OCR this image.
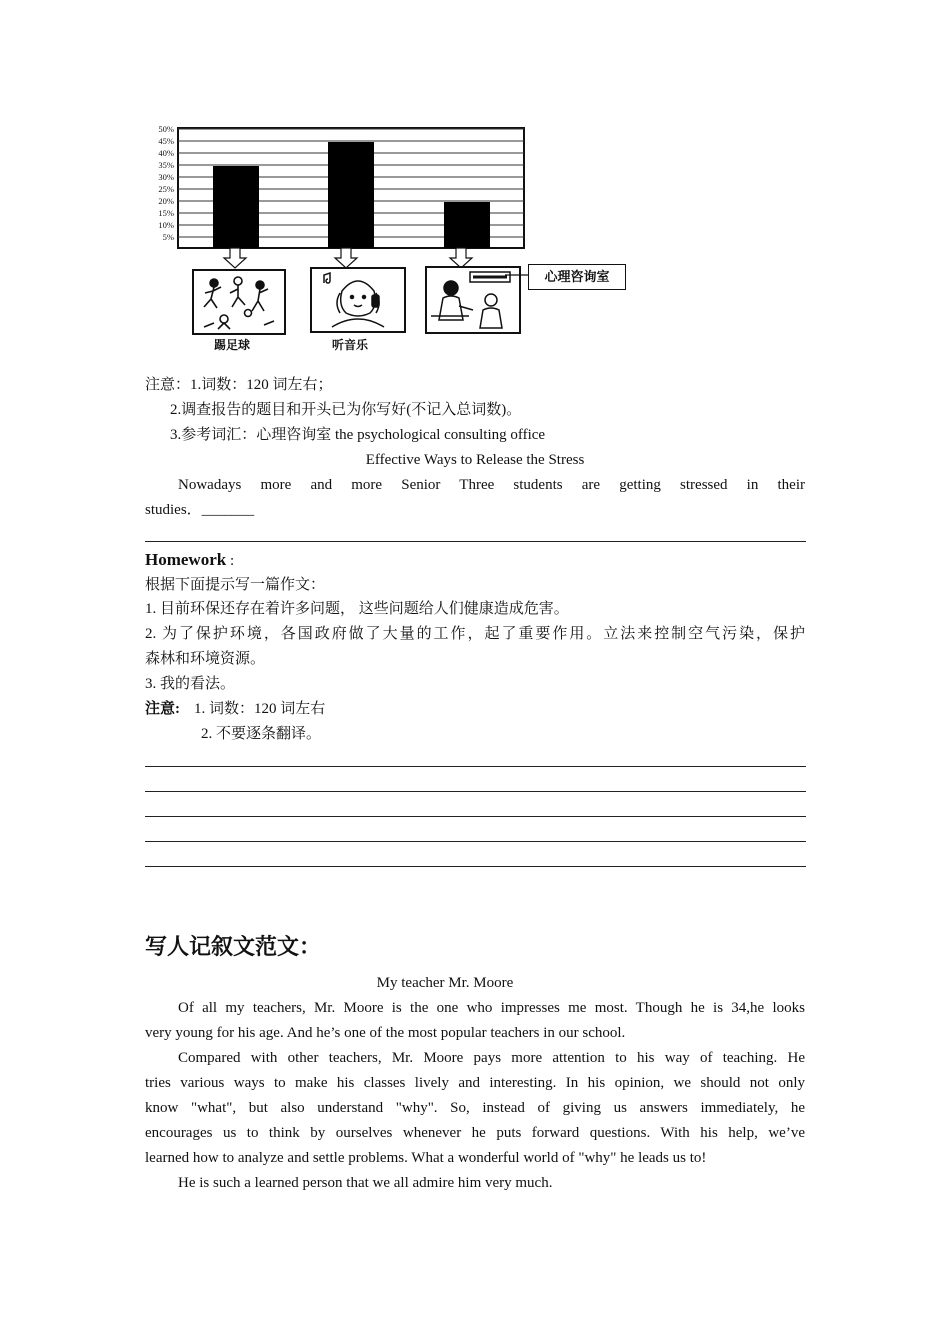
5%
10%
15%
20%
25%
30%
35%
40%
45%
50%
心理咨询室
踢足球	听音乐
注意：1.词数：120 词左右；
2.调查报告的题目和开头已为你写好(不记入总词数)。
3.参考词汇：心理咨询室 the psychological consulting office
Effective Ways to Release the Stress
Nowadays more and more Senior Three students are getting stressed in their
studies．_______
Homework :
根据下面提示写一篇作文：
1. 目前环保还存在着许多问题， 这些问题给人们健康造成危害。
2. 为了保护环境，各国政府做了大量的工作，起了重要作用。立法来控制空气污染，保护
森林和环境资源。
3. 我的看法。
注意: 1. 词数：120 词左右
2. 不要逐条翻译。
写人记叙文范文：
My teacher Mr. Moore
Of all my teachers, Mr. Moore is the one who impresses me most. Though he is 34,he looks
very young for his age. And he’s one of the most popular teachers in our school.
Compared with other teachers, Mr. Moore pays more attention to his way of teaching. He
tries various ways to make his classes lively and interesting. In his opinion, we should not only
know "what", but also understand "why". So, instead of giving us answers immediately, he
encourages us to think by ourselves whenever he puts forward questions. With his help, we’ve
learned how to analyze and settle problems. What a wonderful world of "why" he leads us to!
He is such a learned person that we all admire him very much.
